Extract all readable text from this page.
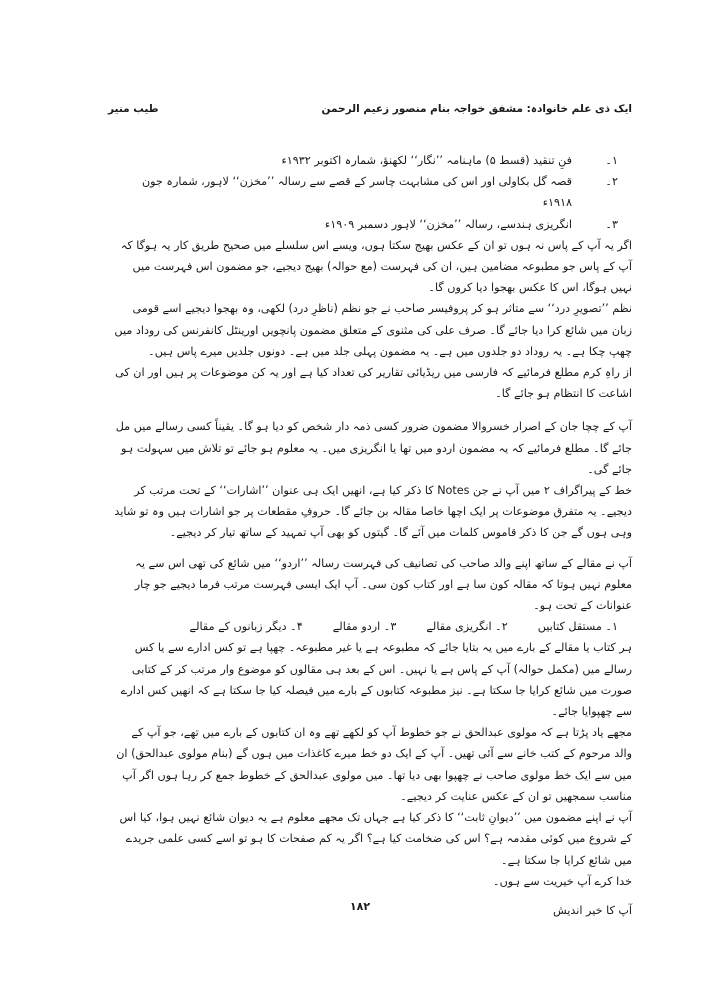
ایک ذی علم خانوادہ: مشفق خواجہ بنام منصور زعیم الرحمن
طیب منیر
۱۔
فنِ تنقید (قسط ۵) ماہنامہ ’’نگار‘‘ لکھنؤ، شمارہ اکتوبر ۱۹۳۲ء
۲۔
قصہ گل بکاولی اور اس کی مشابہت چاسر کے قصے سے رسالہ ’’مخزن‘‘ لاہور، شمارہ جون ۱۹۱۸ء
۳۔
انگریزی ہندسے، رسالہ ’’مخزن‘‘ لاہور دسمبر ۱۹۰۹ء

اگر یہ آپ کے پاس نہ ہوں تو ان کے عکس بھیج سکتا ہوں، ویسے اس سلسلے میں صحیح طریق کار یہ ہوگا کہ آپ کے پاس جو مطبوعہ مضامین ہیں، ان کی فہرست (مع حوالہ) بھیج دیجیے، جو مضمون اس فہرست میں نہیں ہوگا، اس کا عکس بھجوا دیا کروں گا۔

نظم ’’تصویرِ درد‘‘ سے متاثر ہو کر پروفیسر صاحب نے جو نظم (ناظرِ درد) لکھی، وہ بھجوا دیجیے اسے قومی زبان میں شائع کرا دیا جائے گا۔ صرف علی کی مثنوی کے متعلق مضمون پانچویں اورینٹل کانفرنس کی روداد میں چھپ چکا ہے۔ یہ روداد دو جلدوں میں ہے۔ یہ مضمون پہلی جلد میں ہے۔ دونوں جلدیں میرے پاس ہیں۔

از راہِ کرم مطلع فرمائیے کہ فارسی میں ریڈیائی تقاریر کی تعداد کیا ہے اور یہ کن موضوعات پر ہیں اور ان کی اشاعت کا انتظام ہو جائے گا۔

آپ کے چچا جان کے اصرار خسروالا مضمون ضرور کسی ذمہ دار شخص کو دیا ہو گا۔ یقیناً کسی رسالے میں مل جائے گا۔ مطلع فرمائیے کہ یہ مضمون اردو میں تھا یا انگریزی میں۔ یہ معلوم ہو جائے تو تلاش میں سہولت ہو جائے گی۔

خط کے پیراگراف ۲ میں آپ نے جن Notes کا ذکر کیا ہے، انھیں ایک ہی عنوان ’’اشارات‘‘ کے تحت مرتب کر دیجیے۔ یہ متفرق موضوعات پر ایک اچھا خاصا مقالہ بن جائے گا۔ حروفِ مقطعات پر جو اشارات ہیں وہ تو شاید وہی ہوں گے جن کا ذکر قاموس کلمات میں آئے گا۔ گیتوں کو بھی آپ تمہید کے ساتھ تیار کر دیجیے۔

آپ نے مقالے کے ساتھ اپنے والد صاحب کی تصانیف کی فہرست رسالہ ’’اردو‘‘ میں شائع کی تھی اس سے یہ معلوم نہیں ہوتا کہ مقالہ کون سا ہے اور کتاب کون سی۔ آپ ایک ایسی فہرست مرتب فرما دیجیے جو چار عنوانات کے تحت ہو۔

۱۔ مستقل کتابیں
۲۔ انگریزی مقالے
۳۔ اردو مقالے
۴۔ دیگر زبانوں کے مقالے

ہر کتاب یا مقالے کے بارے میں یہ بتایا جائے کہ مطبوعہ ہے یا غیر مطبوعہ۔ چھپا ہے تو کس ادارے سے یا کس رسالے میں (مکمل حوالہ) آپ کے پاس ہے یا نہیں۔ اس کے بعد ہی مقالوں کو موضوع وار مرتب کر کے کتابی صورت میں شائع کرایا جا سکتا ہے۔ نیز مطبوعہ کتابوں کے بارے میں فیصلہ کیا جا سکتا ہے کہ انھیں کس ادارے سے چھپوایا جائے۔

مجھے یاد پڑتا ہے کہ مولوی عبدالحق نے جو خطوط آپ کو لکھے تھے وہ ان کتابوں کے بارے میں تھے، جو آپ کے والد مرحوم کے کتب خانے سے آئی تھیں۔ آپ کے ایک دو خط میرے کاغذات میں ہوں گے (بنام مولوی عبدالحق) ان میں سے ایک خط مولوی صاحب نے چھپوا بھی دیا تھا۔ میں مولوی عبدالحق کے خطوط جمع کر رہا ہوں اگر آپ مناسب سمجھیں تو ان کے عکس عنایت کر دیجیے۔

آپ نے اپنے مضمون میں ’’دیوانِ ثابت‘‘ کا ذکر کیا ہے جہاں تک مجھے معلوم ہے یہ دیوان شائع نہیں ہوا، کیا اس کے شروع میں کوئی مقدمہ ہے؟ اس کی ضخامت کیا ہے؟ اگر یہ کم صفحات کا ہو تو اسے کسی علمی جریدے میں شائع کرایا جا سکتا ہے۔

خدا کرے آپ خیریت سے ہوں۔

آپ کا خیر اندیش

۱۸۲
